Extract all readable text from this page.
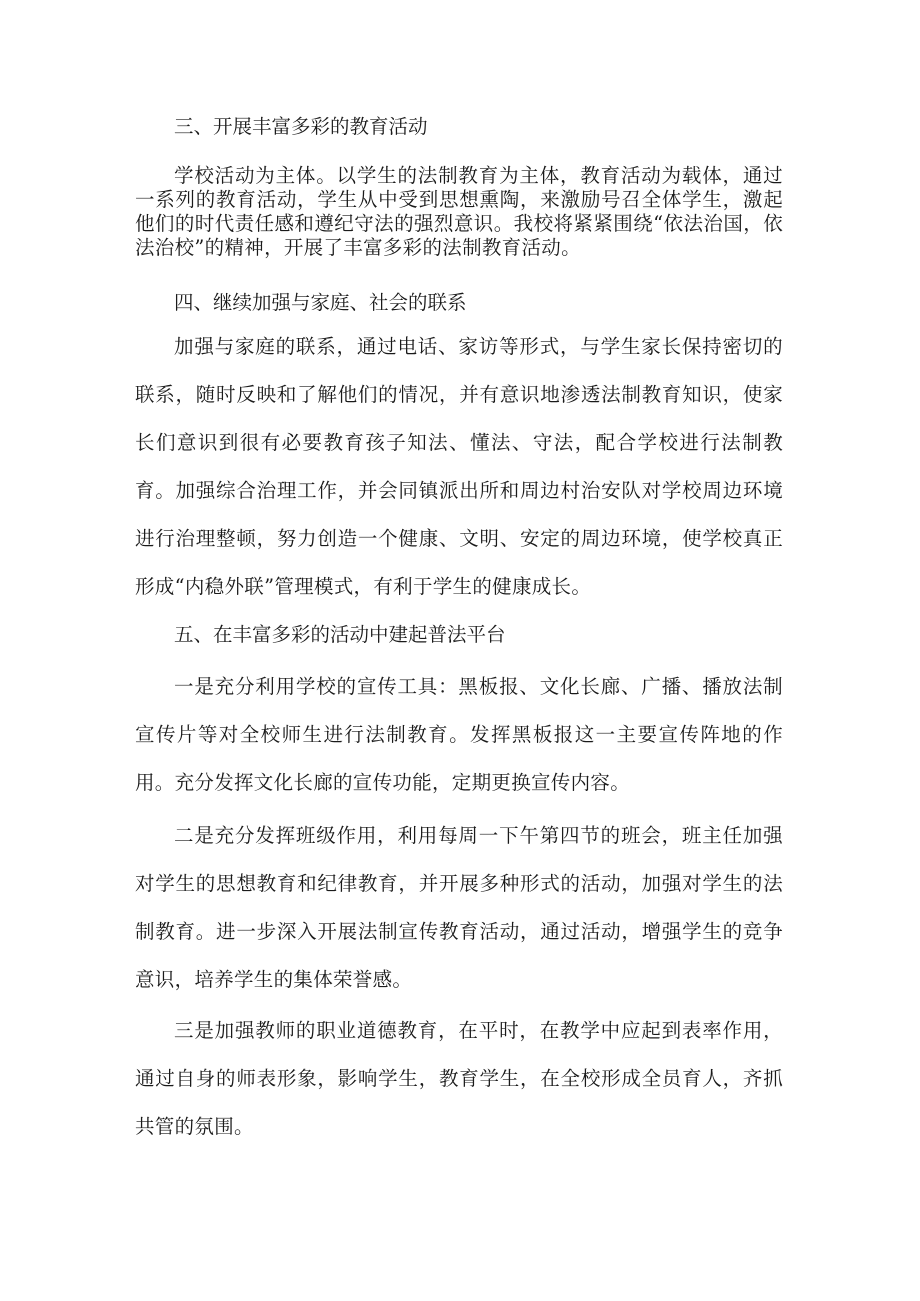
三、开展丰富多彩的教育活动

学校活动为主体。以学生的法制教育为主体，教育活动为载体，通过一系列的教育活动，学生从中受到思想熏陶，来激励号召全体学生，激起他们的时代责任感和遵纪守法的强烈意识。我校将紧紧围绕“依法治国，依法治校”的精神，开展了丰富多彩的法制教育活动。

四、继续加强与家庭、社会的联系

加强与家庭的联系，通过电话、家访等形式，与学生家长保持密切的联系，随时反映和了解他们的情况，并有意识地渗透法制教育知识，使家长们意识到很有必要教育孩子知法、懂法、守法，配合学校进行法制教育。加强综合治理工作，并会同镇派出所和周边村治安队对学校周边环境进行治理整顿，努力创造一个健康、文明、安定的周边环境，使学校真正形成“内稳外联”管理模式，有利于学生的健康成长。

五、在丰富多彩的活动中建起普法平台

一是充分利用学校的宣传工具：黑板报、文化长廊、广播、播放法制宣传片等对全校师生进行法制教育。发挥黑板报这一主要宣传阵地的作用。充分发挥文化长廊的宣传功能，定期更换宣传内容。

二是充分发挥班级作用，利用每周一下午第四节的班会，班主任加强对学生的思想教育和纪律教育，并开展多种形式的活动，加强对学生的法制教育。进一步深入开展法制宣传教育活动，通过活动，增强学生的竞争意识，培养学生的集体荣誉感。

三是加强教师的职业道德教育，在平时，在教学中应起到表率作用，通过自身的师表形象，影响学生，教育学生，在全校形成全员育人，齐抓共管的氛围。
